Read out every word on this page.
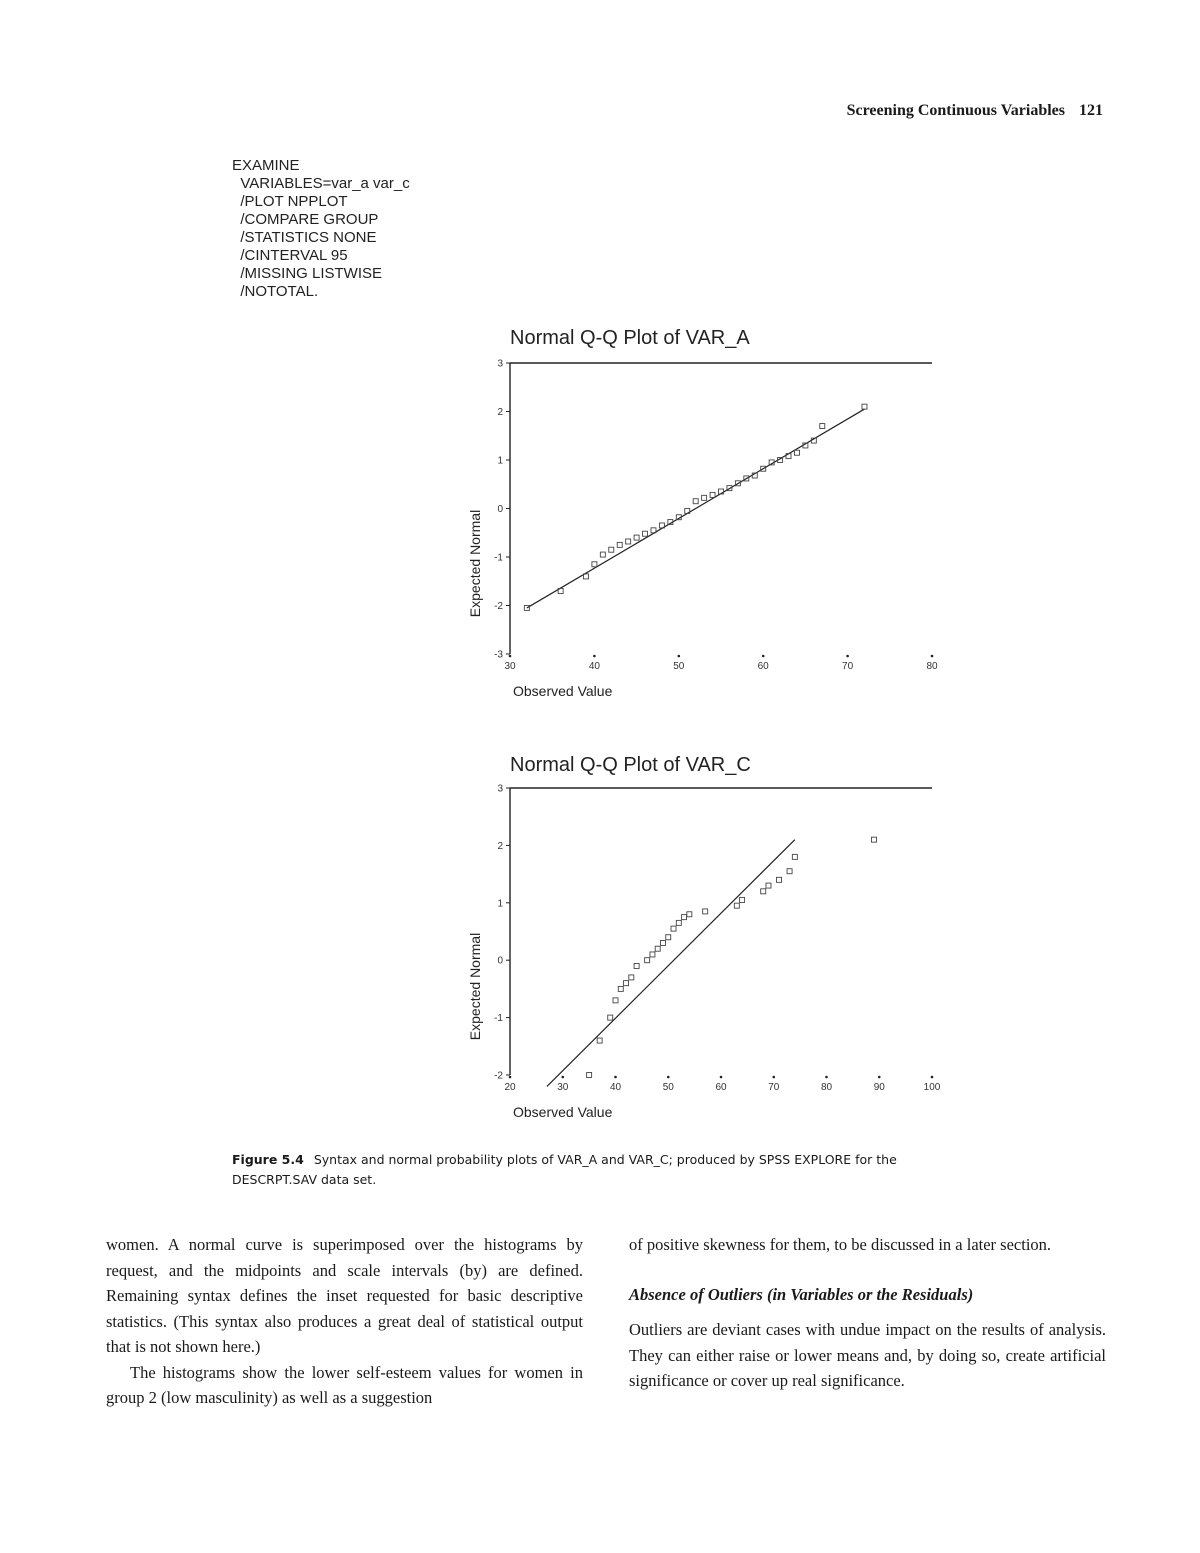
Screening Continuous Variables 121
EXAMINE
VARIABLES=var_a var_c
/PLOT NPPLOT
/COMPARE GROUP
/STATISTICS NONE
/CINTERVAL 95
/MISSING LISTWISE
/NOTOTAL.
Normal Q-Q Plot of VAR_A
3
2
1
0
-1
-2
-3
30	40	50	60	70	80
Expected Normal
Observed Value
Normal Q-Q Plot of VAR_C
3
2
1
0
-1
-2
20	30	40	50	60	70	80	90	100
Expected Normal
Observed Value
Figure 5.4 Syntax and normal probability plots of VAR_A and VAR_C; produced by SPSS EXPLORE for the DESCRPT.SAV data set.

women. A normal curve is superimposed over the histograms by request, and the midpoints and scale intervals (by) are defined. Remaining syntax defines the inset requested for basic descriptive statistics. (This syntax also produces a great deal of statistical output that is not shown here.)

The histograms show the lower self-esteem values for women in group 2 (low masculinity) as well as a suggestion

of positive skewness for them, to be discussed in a later section.

Absence of Outliers (in Variables or the Residuals)

Outliers are deviant cases with undue impact on the results of analysis. They can either raise or lower means and, by doing so, create artificial significance or cover up real significance.
